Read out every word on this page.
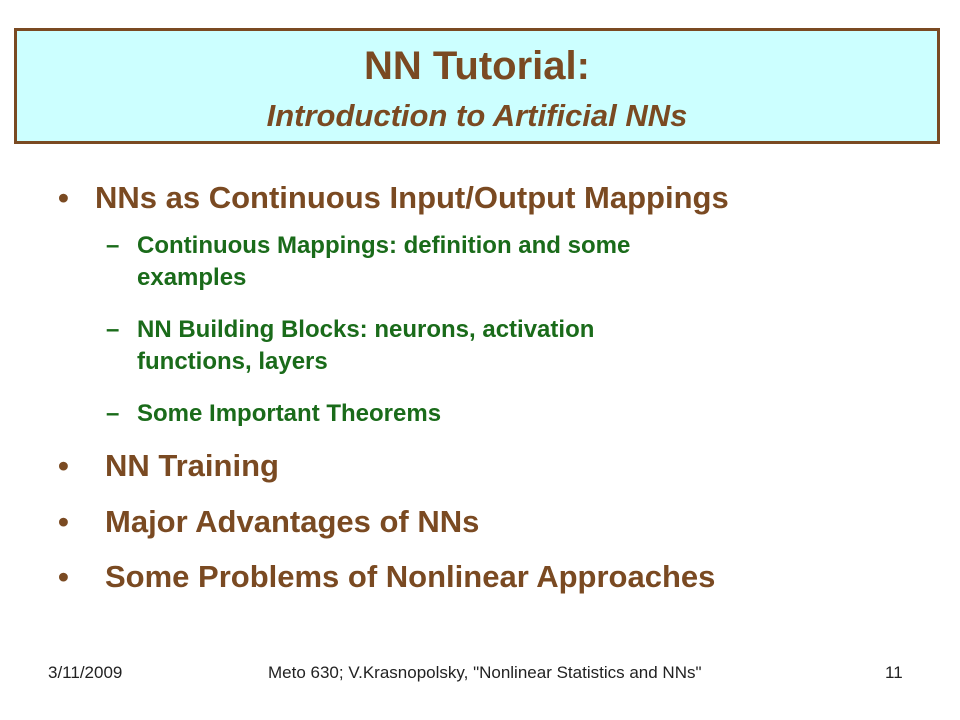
NN Tutorial:
Introduction to Artificial NNs
• NNs as Continuous Input/Output Mappings
– Continuous Mappings: definition and some
examples
– NN Building Blocks: neurons, activation
functions, layers
– Some Important Theorems
• NN Training
• Major Advantages of NNs
• Some Problems of Nonlinear Approaches
3/11/2009	Meto 630; V.Krasnopolsky, "Nonlinear Statistics and NNs"	11
